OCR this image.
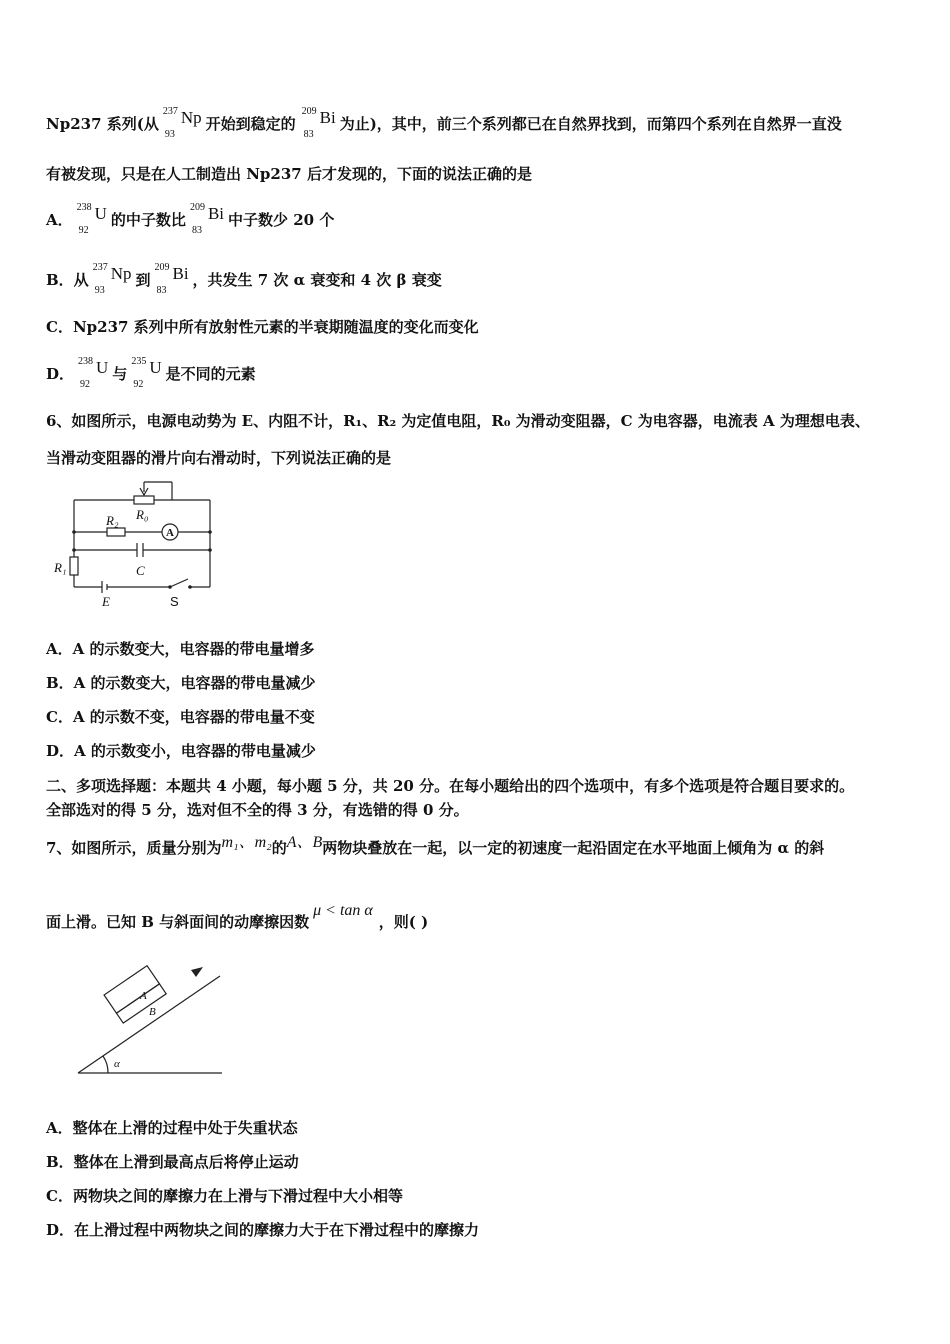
Np237 系列(从
237
93
Np 开始到稳定的
209
83
Bi 为止)，其中，前三个系列都已在自然界找到，而第四个系列在自然界一直没
有被发现，只是在人工制造出 Np237 后才发现的，下面的说法正确的是
A．
238
92
U 的中子数比
209
83
Bi 中子数少 20 个
B．从
237
93
Np 到
209
83
Bi ，共发生 7 次 α 衰变和 4 次 β 衰变
C．Np237 系列中所有放射性元素的半衰期随温度的变化而变化
D．
238
92
U 与
235
92
U 是不同的元素
6、如图所示，电源电动势为 E、内阻不计，R₁、R₂ 为定值电阻，R₀ 为滑动变阻器，C 为电容器，电流表 A 为理想电表、
当滑动变阻器的滑片向右滑动时，下列说法正确的是
R₀
R₂
R₁	C
E
A
S
A．A 的示数变大，电容器的带电量增多
B．A 的示数变大，电容器的带电量减少
C．A 的示数不变，电容器的带电量不变
D．A 的示数变小，电容器的带电量减少
二、多项选择题：本题共 4 小题，每小题 5 分，共 20 分。在每小题给出的四个选项中，有多个选项是符合题目要求的。
全部选对的得 5 分，选对但不全的得 3 分，有选错的得 0 分。
7、如图所示，质量分别为m₁、m₂的A、B两物块叠放在一起，以一定的初速度一起沿固定在水平地面上倾角为 α 的斜
面上滑。已知 B 与斜面间的动摩擦因数μ < tan α，则( )
A
B
α
A．整体在上滑的过程中处于失重状态
B．整体在上滑到最高点后将停止运动
C．两物块之间的摩擦力在上滑与下滑过程中大小相等
D．在上滑过程中两物块之间的摩擦力大于在下滑过程中的摩擦力
